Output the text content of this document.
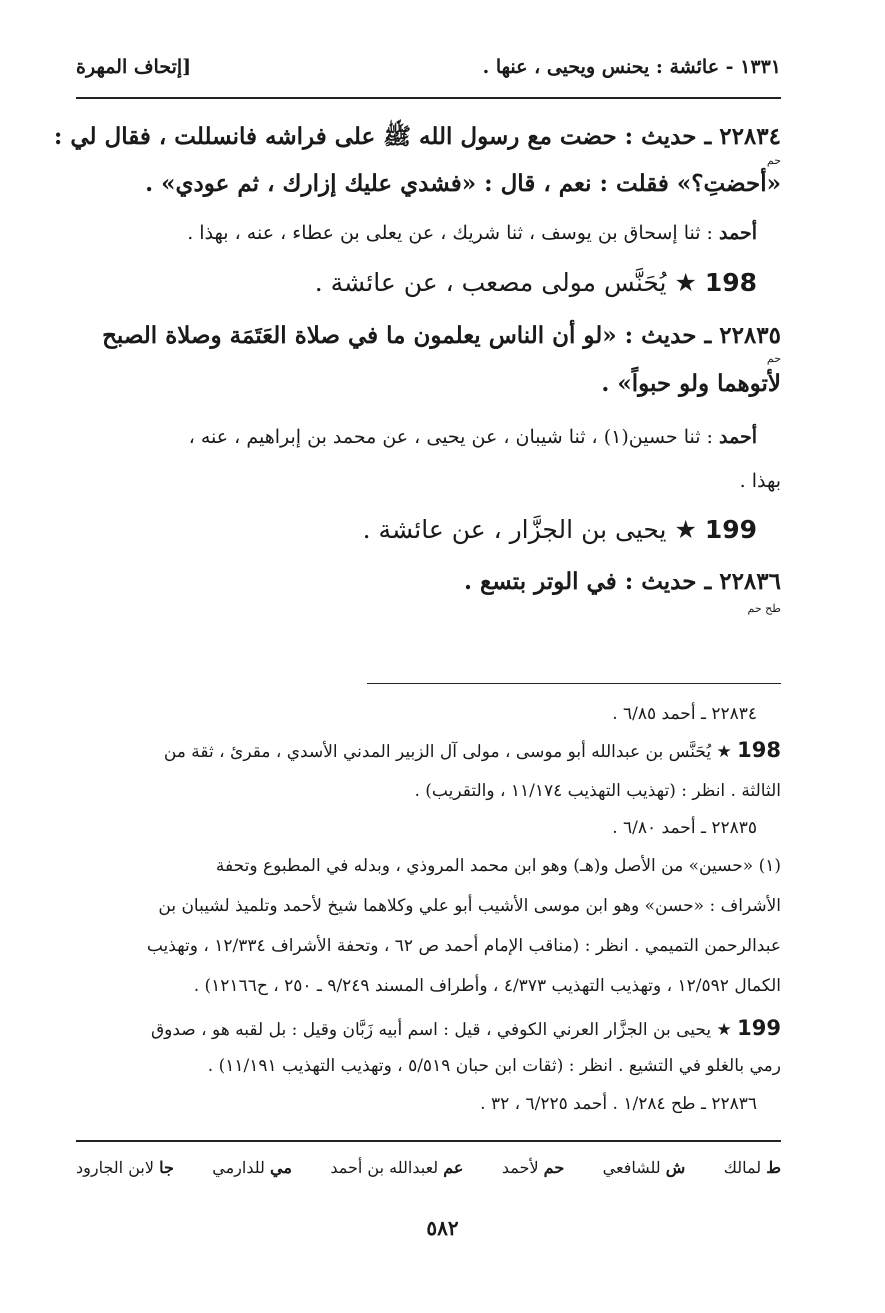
١٣٣١ - عائشة : يحنس ويحيى ، عنها .
[إتحاف المهرة
٢٢٨٣٤ ـ حديث : حضت مع رسول الله ﷺ على فراشه فانسللت ، فقال لي :
حم
«أحضتِ؟» فقلت : نعم ، قال : «فشدي عليك إزارك ، ثم عودي» .
أحمد : ثنا إسحاق بن يوسف ، ثنا شريك ، عن يعلى بن عطاء ، عنه ، بهذا .
198 ★ يُحَنَّس مولى مصعب ، عن عائشة .
٢٢٨٣٥ ـ حديث : «لو أن الناس يعلمون ما في صلاة العَتَمَة وصلاة الصبح
حم
لأتوهما ولو حبواً» .
أحمد : ثنا حسين(١) ، ثنا شيبان ، عن يحيى ، عن محمد بن إبراهيم ، عنه ،
بهذا .
199 ★ يحيى بن الجزَّار ، عن عائشة .
٢٢٨٣٦ ـ حديث : في الوتر بتسع .
طح حم
٢٢٨٣٤ ـ أحمد ٦/٨٥ .
198 ★ يُحَنَّس بن عبدالله أبو موسى ، مولى آل الزبير المدني الأسدي ، مقرئ ، ثقة من
الثالثة . انظر : (تهذيب التهذيب ١١/١٧٤ ، والتقريب) .
٢٢٨٣٥ ـ أحمد ٦/٨٠ .
(١) «حسين» من الأصل و(هـ) وهو ابن محمد المروذي ، وبدله في المطبوع وتحفة
الأشراف : «حسن» وهو ابن موسى الأشيب أبو علي وكلاهما شيخ لأحمد وتلميذ لشيبان بن
عبدالرحمن التميمي . انظر : (مناقب الإمام أحمد ص ٦٢ ، وتحفة الأشراف ١٢/٣٣٤ ، وتهذيب
الكمال ١٢/٥٩٢ ، وتهذيب التهذيب ٤/٣٧٣ ، وأطراف المسند ٩/٢٤٩ ـ ٢٥٠ ، ح١٢١٦٦) .
199 ★ يحيى بن الجزَّار العرني الكوفي ، قيل : اسم أبيه زَبَّان وقيل : بل لقبه هو ، صدوق
رمي بالغلو في التشيع . انظر : (ثقات ابن حبان ٥/٥١٩ ، وتهذيب التهذيب ١١/١٩١) .
٢٢٨٣٦ ـ طح ١/٢٨٤ . أحمد ٦/٢٢٥ ، ٣٢ .
ط لمالك
ش للشافعي
حم لأحمد
عم لعبدالله بن أحمد
مي للدارمي
جا لابن الجارود
٥٨٢
